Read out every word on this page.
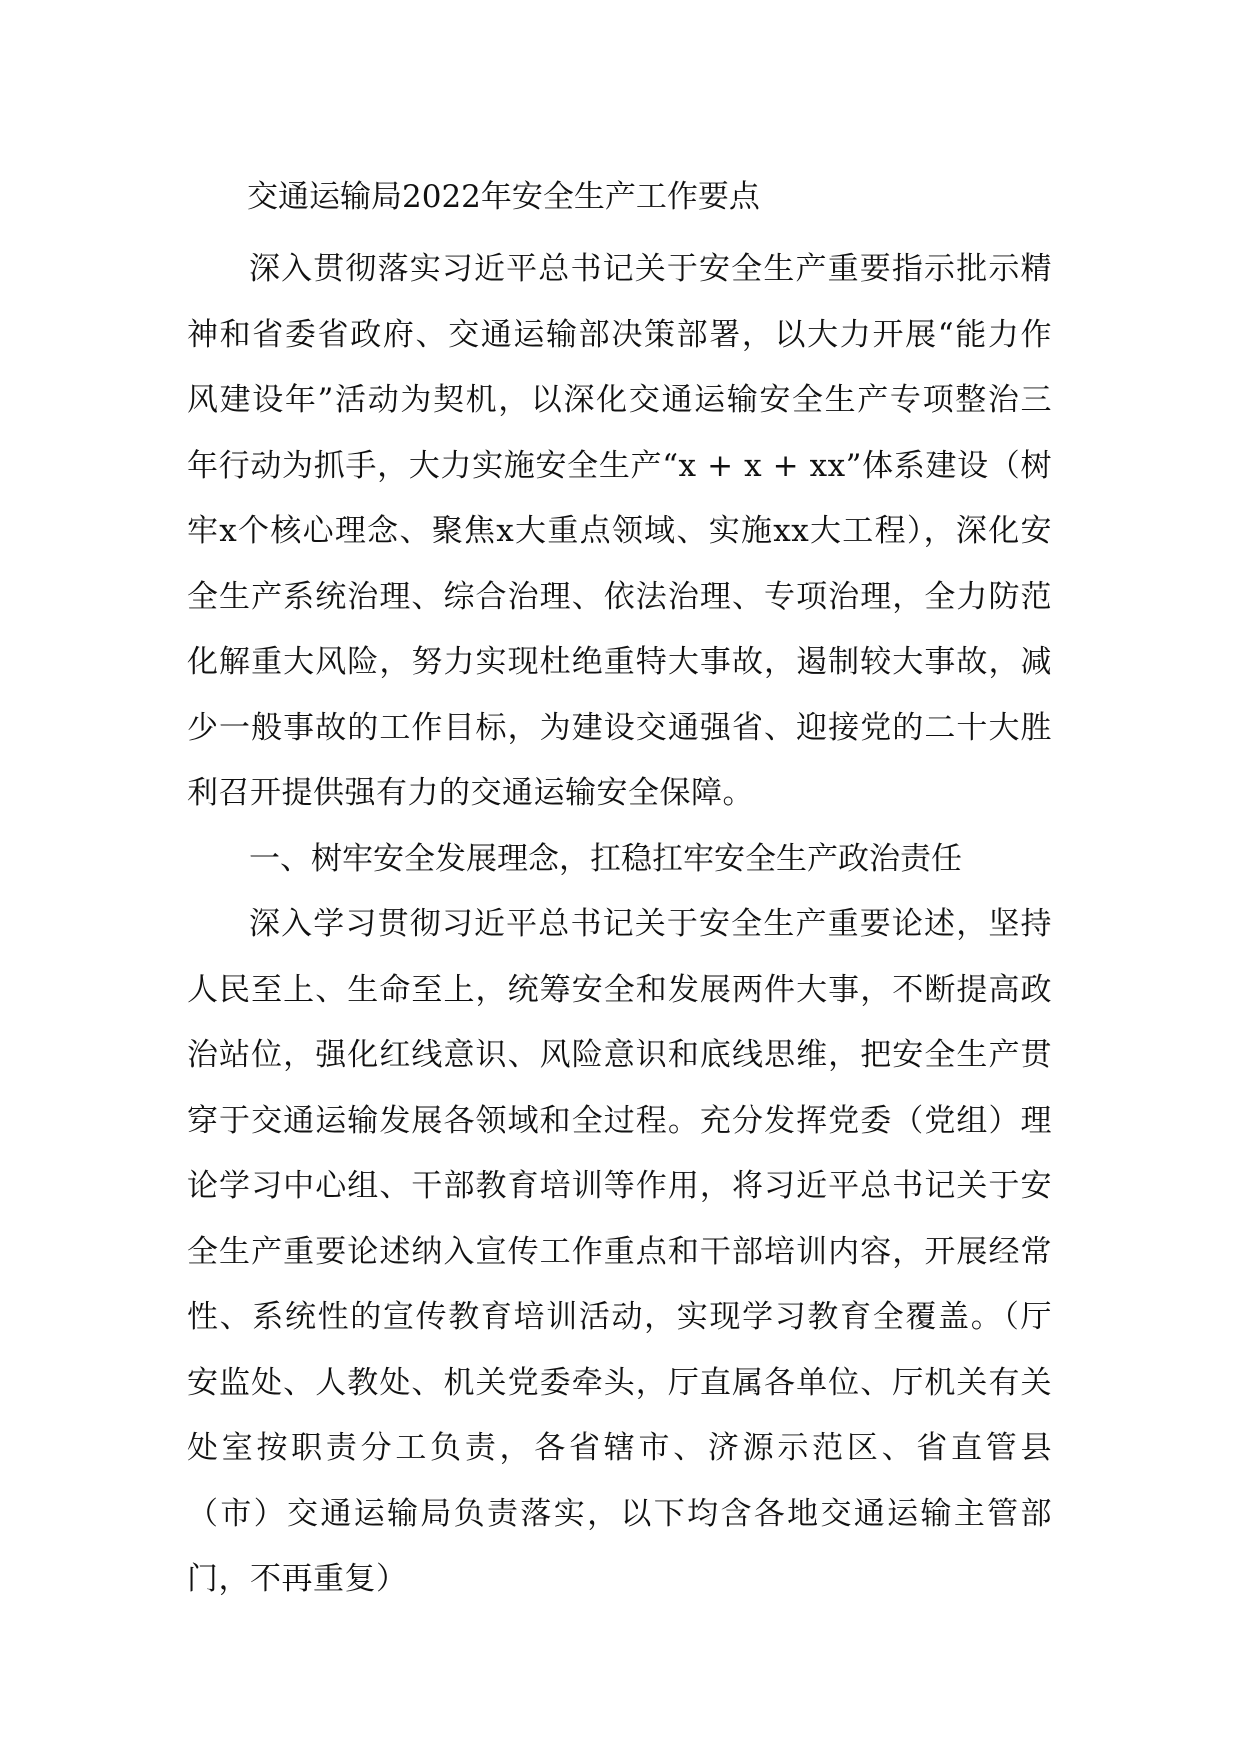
交通运输局2022年安全生产工作要点

深入贯彻落实习近平总书记关于安全生产重要指示批示精神和省委省政府、交通运输部决策部署，以大力开展“能力作风建设年”活动为契机，以深化交通运输安全生产专项整治三年行动为抓手，大力实施安全生产“x + x + xx”体系建设（树牢x个核心理念、聚焦x大重点领域、实施xx大工程），深化安全生产系统治理、综合治理、依法治理、专项治理，全力防范化解重大风险，努力实现杜绝重特大事故，遏制较大事故，减少一般事故的工作目标，为建设交通强省、迎接党的二十大胜利召开提供强有力的交通运输安全保障。

一、树牢安全发展理念，扛稳扛牢安全生产政治责任

深入学习贯彻习近平总书记关于安全生产重要论述，坚持人民至上、生命至上，统筹安全和发展两件大事，不断提高政治站位，强化红线意识、风险意识和底线思维，把安全生产贯穿于交通运输发展各领域和全过程。充分发挥党委（党组）理论学习中心组、干部教育培训等作用，将习近平总书记关于安全生产重要论述纳入宣传工作重点和干部培训内容，开展经常性、系统性的宣传教育培训活动，实现学习教育全覆盖。（厅安监处、人教处、机关党委牵头，厅直属各单位、厅机关有关处室按职责分工负责，各省辖市、济源示范区、省直管县（市）交通运输局负责落实，以下均含各地交通运输主管部门，不再重复）
